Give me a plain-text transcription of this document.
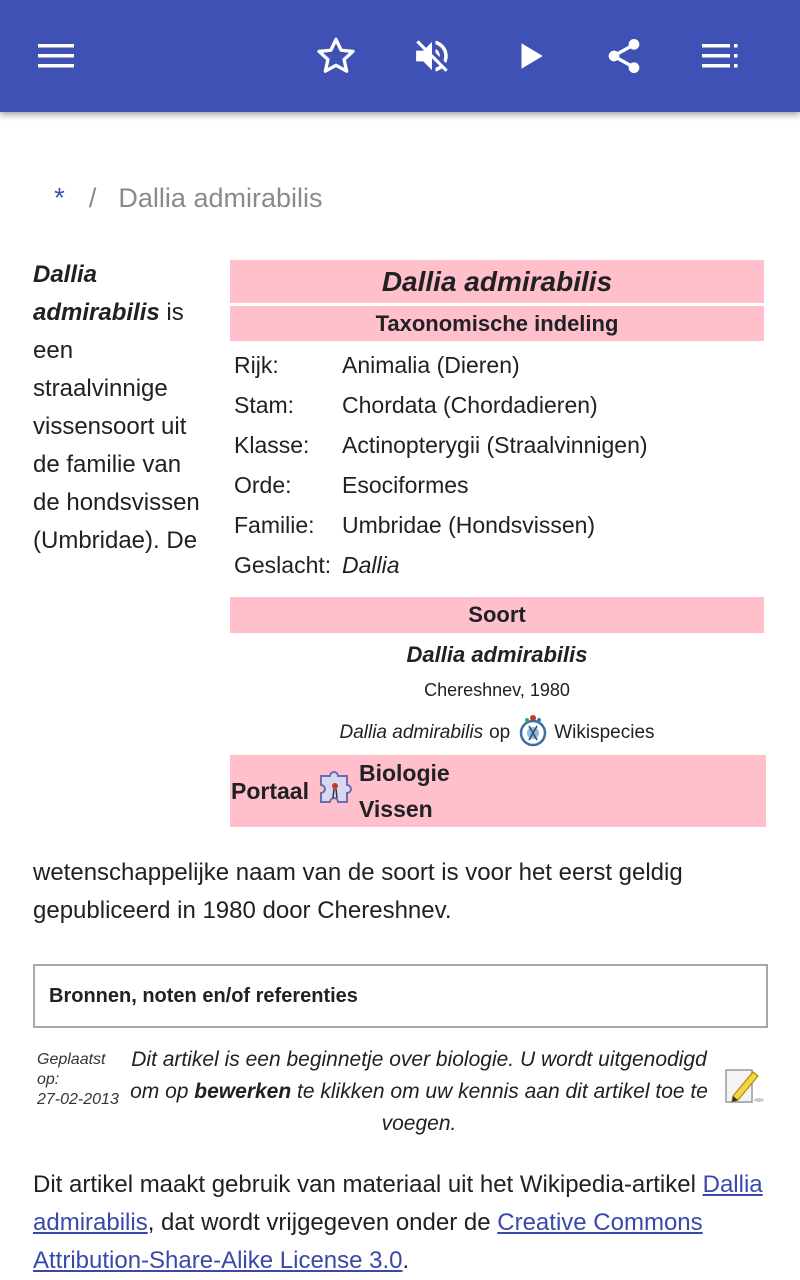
* / Dallia admirabilis
Dallia admirabilis is een straalvinnige vissensoort uit de familie van de hondsvissen (Umbridae). De
Dallia admirabilis
Taxonomische indeling
Rijk:	Animalia (Dieren)
Stam:	Chordata (Chordadieren)
Klasse:	Actinopterygii (Straalvinnigen)
Orde:	Esociformes
Familie:	Umbridae (Hondsvissen)
Geslacht: Dallia
Soort
Dallia admirabilis
Chereshnev, 1980
Dallia admirabilis op Wikispecies
Portaal
Biologie
Vissen
wetenschappelijke naam van de soort is voor het eerst geldig gepubliceerd in 1980 door Chereshnev.
Bronnen, noten en/of referenties
Geplaatst op:
27-02-2013
Dit artikel is een beginnetje over biologie. U wordt uitgenodigd om op bewerken te klikken om uw kennis aan dit artikel toe te voegen.
Dit artikel maakt gebruik van materiaal uit het Wikipedia-artikel Dallia admirabilis, dat wordt vrijgegeven onder de Creative Commons Attribution-Share-Alike License 3.0.
